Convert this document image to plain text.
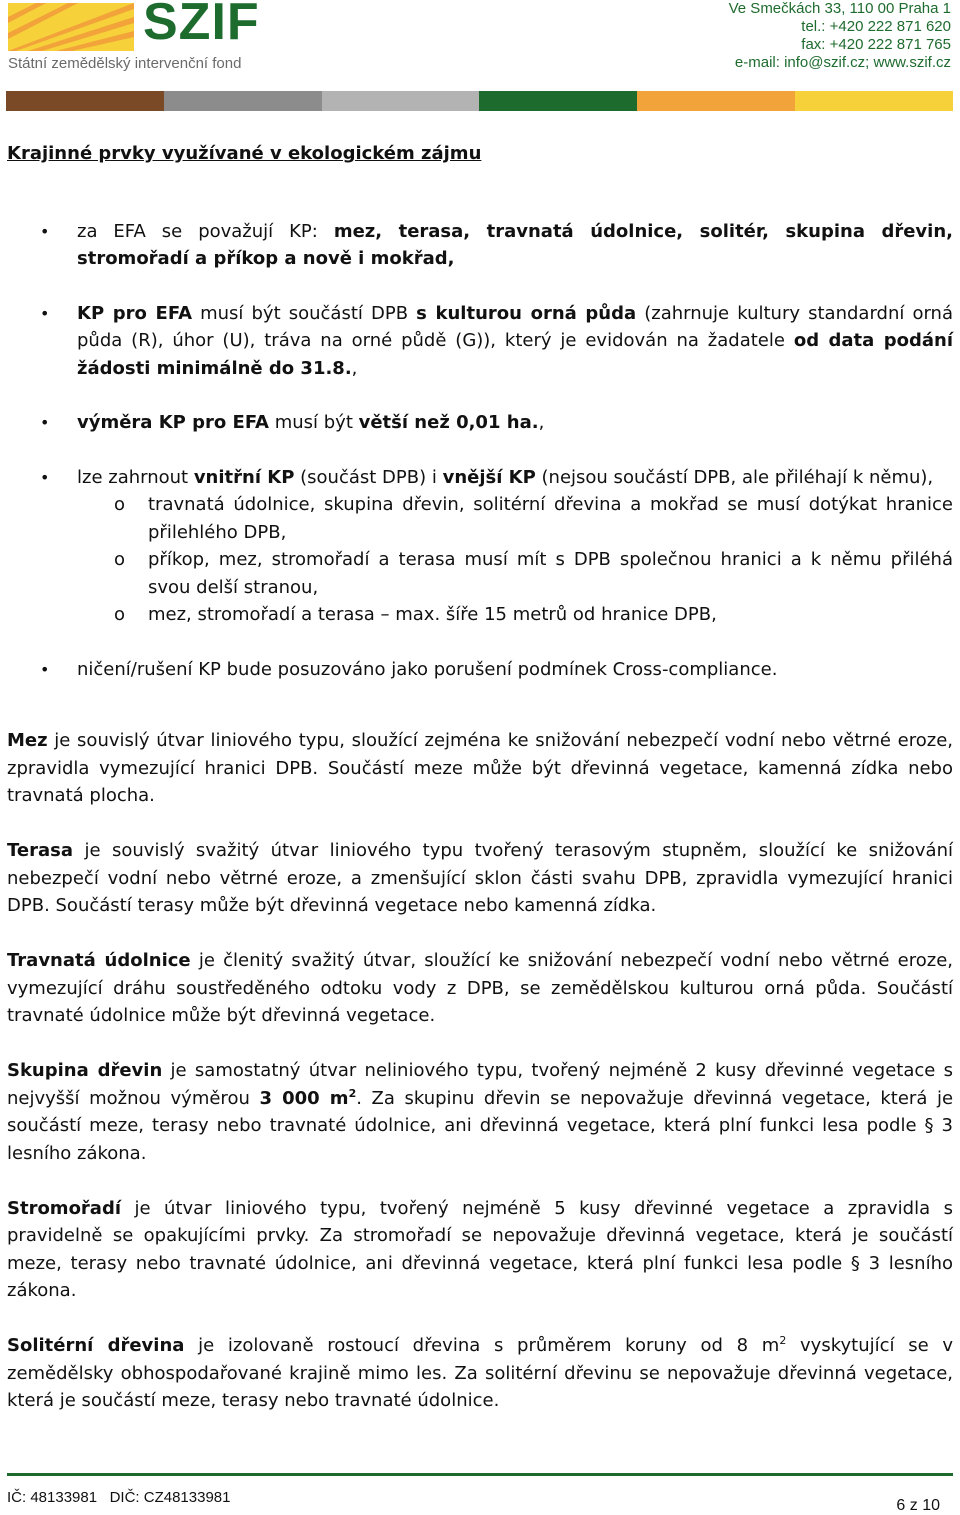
SZIF
Státní zemědělský intervenční fond
Ve Smečkách 33, 110 00 Praha 1
tel.: +420 222 871 620
fax: +420 222 871 765
e-mail: info@szif.cz; www.szif.cz
Krajinné prvky využívané v ekologickém zájmu
• za EFA se považují KP: mez, terasa, travnatá údolnice, solitér, skupina dřevin, stromořadí a příkop a nově i mokřad,
• KP pro EFA musí být součástí DPB s kulturou orná půda (zahrnuje kultury standardní orná půda (R), úhor (U), tráva na orné půdě (G)), který je evidován na žadatele od data podání žádosti minimálně do 31.8.,
• výměra KP pro EFA musí být větší než 0,01 ha.,
• lze zahrnout vnitřní KP (součást DPB) i vnější KP (nejsou součástí DPB, ale přiléhají k němu),
o travnatá údolnice, skupina dřevin, solitérní dřevina a mokřad se musí dotýkat hranice přilehlého DPB,
o příkop, mez, stromořadí a terasa musí mít s DPB společnou hranici a k němu přiléhá svou delší stranou,
o mez, stromořadí a terasa – max. šíře 15 metrů od hranice DPB,
• ničení/rušení KP bude posuzováno jako porušení podmínek Cross-compliance.

Mez je souvislý útvar liniového typu, sloužící zejména ke snižování nebezpečí vodní nebo větrné eroze, zpravidla vymezující hranici DPB. Součástí meze může být dřevinná vegetace, kamenná zídka nebo travnatá plocha.

Terasa je souvislý svažitý útvar liniového typu tvořený terasovým stupněm, sloužící ke snižování nebezpečí vodní nebo větrné eroze, a zmenšující sklon části svahu DPB, zpravidla vymezující hranici DPB. Součástí terasy může být dřevinná vegetace nebo kamenná zídka.

Travnatá údolnice je členitý svažitý útvar, sloužící ke snižování nebezpečí vodní nebo větrné eroze, vymezující dráhu soustředěného odtoku vody z DPB, se zemědělskou kulturou orná půda. Součástí travnaté údolnice může být dřevinná vegetace.

Skupina dřevin je samostatný útvar neliniového typu, tvořený nejméně 2 kusy dřevinné vegetace s nejvyšší možnou výměrou 3 000 $m^2$. Za skupinu dřevin se nepovažuje dřevinná vegetace, která je součástí meze, terasy nebo travnaté údolnice, ani dřevinná vegetace, která plní funkci lesa podle § 3 lesního zákona.

Stromořadí je útvar liniového typu, tvořený nejméně 5 kusy dřevinné vegetace a zpravidla s pravidelně se opakujícími prvky. Za stromořadí se nepovažuje dřevinná vegetace, která je součástí meze, terasy nebo travnaté údolnice, ani dřevinná vegetace, která plní funkci lesa podle § 3 lesního zákona.

Solitérní dřevina je izolovaně rostoucí dřevina s průměrem koruny od 8 $m^2$ vyskytující se v zemědělsky obhospodařované krajině mimo les. Za solitérní dřevinu se nepovažuje dřevinná vegetace, která je součástí meze, terasy nebo travnaté údolnice.

IČ: 48133981   DIČ: CZ48133981	6 z 10
